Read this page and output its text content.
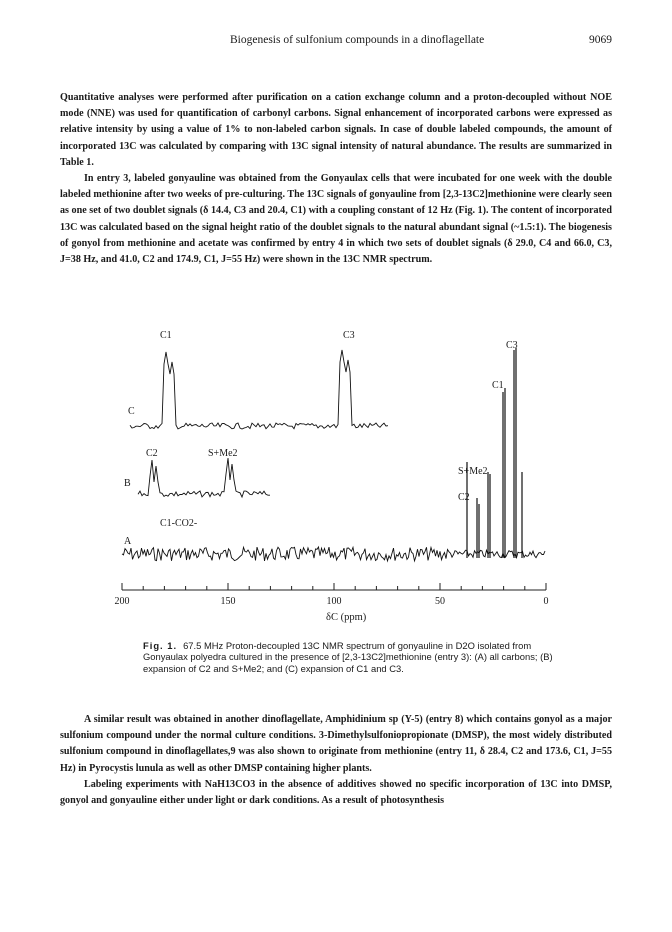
Biogenesis of sulfonium compounds in a dinoflagellate	9069

Quantitative analyses were performed after purification on a cation exchange column and a proton-decoupled without NOE mode (NNE) was used for quantification of carbonyl carbons. Signal enhancement of incorporated carbons were expressed as relative intensity by using a value of 1% to non-labeled carbon signals. In case of double labeled compounds, the amount of incorporated 13C was calculated by comparing with 13C signal intensity of natural abundance. The results are summarized in Table 1.

In entry 3, labeled gonyauline was obtained from the Gonyaulax cells that were incubated for one week with the double labeled methionine after two weeks of pre-culturing. The 13C signals of gonyauline from [2,3-13C2]methionine were clearly seen as one set of two doublet signals (δ 14.4, C3 and 20.4, C1) with a coupling constant of 12 Hz (Fig. 1). The content of incorporated 13C was calculated based on the signal height ratio of the doublet signals to the natural abundant signal (~1.5:1). The biogenesis of gonyol from methionine and acetate was confirmed by entry 4 in which two sets of doublet signals (δ 29.0, C4 and 66.0, C3, J=38 Hz, and 41.0, C2 and 174.9, C1, J=55 Hz) were shown in the 13C NMR spectrum.

C1	C3
C
C2	S+Me2
B
C1-CO2-
A
C3
C1
S+Me2
C2
200	150	100	50	0
δC (ppm)
Fig. 1. 67.5 MHz Proton-decoupled 13C NMR spectrum of gonyauline in D2O isolated from Gonyaulax polyedra cultured in the presence of [2,3-13C2]methionine (entry 3): (A) all carbons; (B) expansion of C2 and S+Me2; and (C) expansion of C1 and C3.

A similar result was obtained in another dinoflagellate, Amphidinium sp (Y-5) (entry 8) which contains gonyol as a major sulfonium compound under the normal culture conditions. 3-Dimethylsulfoniopropionate (DMSP), the most widely distributed sulfonium compound in dinoflagellates,9 was also shown to originate from methionine (entry 11, δ 28.4, C2 and 173.6, C1, J=55 Hz) in Pyrocystis lunula as well as other DMSP containing higher plants.

Labeling experiments with NaH13CO3 in the absence of additives showed no specific incorporation of 13C into DMSP, gonyol and gonyauline either under light or dark conditions. As a result of photosynthesis
